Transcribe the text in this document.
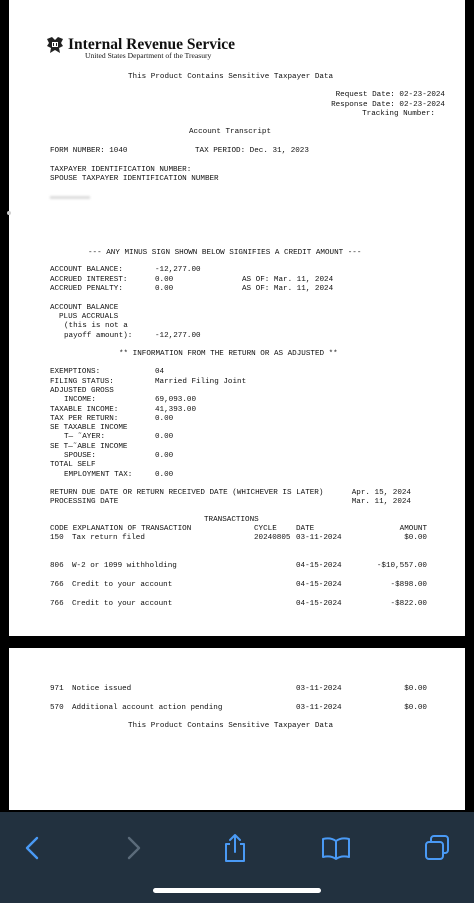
Internal Revenue Service
United States Department of the Treasury
This Product Contains Sensitive Taxpayer Data
Request Date: 02-23-2024
Response Date: 02-23-2024
Tracking Number:
Account Transcript
FORM NUMBER: 1040	TAX PERIOD: Dec. 31, 2023
TAXPAYER IDENTIFICATION NUMBER:
SPOUSE TAXPAYER IDENTIFICATION NUMBER
--- ANY MINUS SIGN SHOWN BELOW SIGNIFIES A CREDIT AMOUNT ---
ACCOUNT BALANCE:	-12,277.00
ACCRUED INTEREST:	0.00	AS OF: Mar. 11, 2024
ACCRUED PENALTY:	0.00	AS OF: Mar. 11, 2024
ACCOUNT BALANCE
PLUS ACCRUALS
(this is not a
payoff amount):	-12,277.00
** INFORMATION FROM THE RETURN OR AS ADJUSTED **
EXEMPTIONS:	04
FILING STATUS:	Married Filing Joint
ADJUSTED GROSS
INCOME:	69,093.00
TAXABLE INCOME:	41,393.00
TAX PER RETURN:	0.00
SE TAXABLE INCOME
T— ˜AYER:	0.00
SE T—˜ABLE INCOME
SPOUSE:	0.00
TOTAL SELF
EMPLOYMENT TAX:	0.00
RETURN DUE DATE OR RETURN RECEIVED DATE (WHICHEVER IS LATER)	Apr. 15, 2024
PROCESSING DATE	Mar. 11, 2024
TRANSACTIONS
CODE EXPLANATION OF TRANSACTION	CYCLE	DATE	AMOUNT
150 Tax return filed	20240805 03-11-2024	$0.00
806 W-2 or 1099 withholding	04-15-2024	-$10,557.00
766 Credit to your account	04-15-2024	-$898.00
766 Credit to your account	04-15-2024	-$822.00
971 Notice issued	03-11-2024	$0.00
570 Additional account action pending	03-11-2024	$0.00
This Product Contains Sensitive Taxpayer Data
